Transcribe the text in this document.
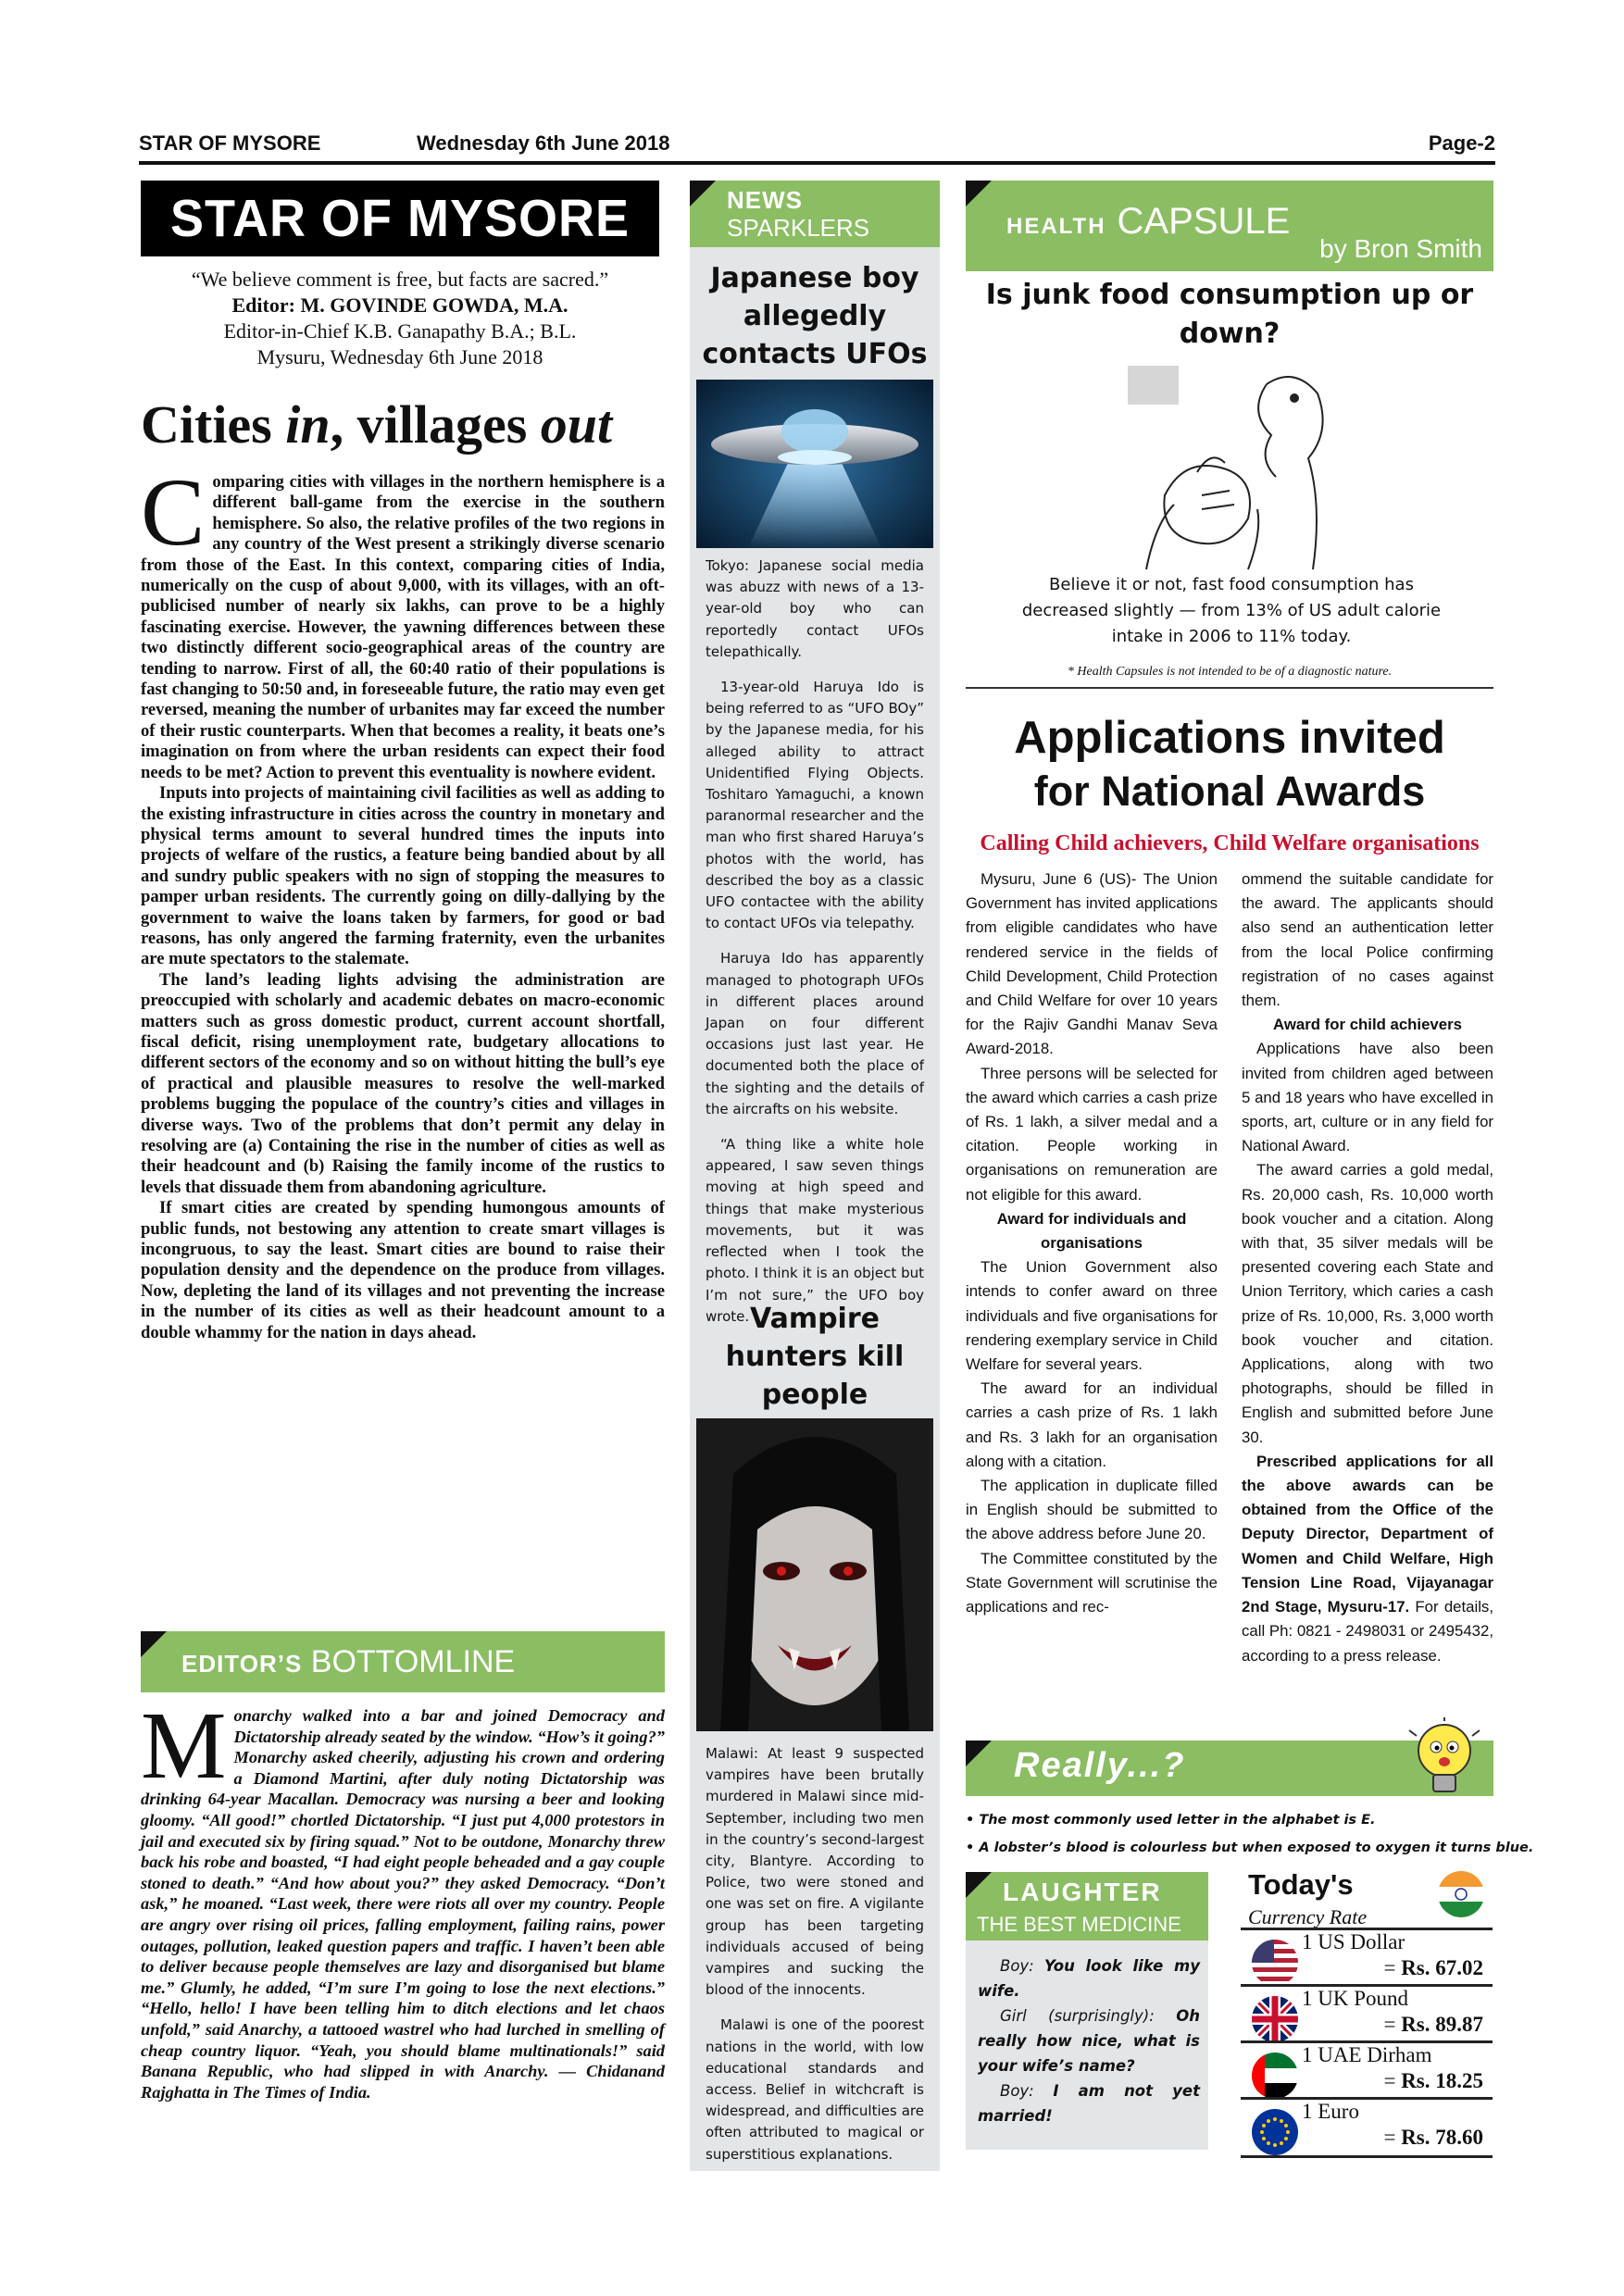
STAR OF MYSORE	Wednesday 6th June 2018	Page-2
STAR OF MYSORE
“We believe comment is free, but facts are sacred.”
Editor: M. GOVINDE GOWDA, M.A.
Editor-in-Chief K.B. Ganapathy B.A.; B.L.
Mysuru, Wednesday 6th June 2018
Cities in, villages out

Comparing cities with villages in the northern hemisphere is a different ball-game from the exercise in the southern hemisphere. So also, the relative profiles of the two regions in any country of the West present a strikingly diverse scenario from those of the East. In this context, comparing cities of India, numerically on the cusp of about 9,000, with its villages, with an oft-publicised number of nearly six lakhs, can prove to be a highly fascinating exercise. However, the yawning differences between these two distinctly different socio-geographical areas of the country are tending to narrow. First of all, the 60:40 ratio of their populations is fast changing to 50:50 and, in foreseeable future, the ratio may even get reversed, meaning the number of urbanites may far exceed the number of their rustic counterparts. When that becomes a reality, it beats one’s imagination on from where the urban residents can expect their food needs to be met? Action to prevent this eventuality is nowhere evident.

Inputs into projects of maintaining civil facilities as well as adding to the existing infrastructure in cities across the country in monetary and physical terms amount to several hundred times the inputs into projects of welfare of the rustics, a feature being bandied about by all and sundry public speakers with no sign of stopping the measures to pamper urban residents. The currently going on dilly-dallying by the government to waive the loans taken by farmers, for good or bad reasons, has only angered the farming fraternity, even the urbanites are mute spectators to the stalemate.

The land’s leading lights advising the administration are preoccupied with scholarly and academic debates on macro-economic matters such as gross domestic product, current account shortfall, fiscal deficit, rising unemployment rate, budgetary allocations to different sectors of the economy and so on without hitting the bull’s eye of practical and plausible measures to resolve the well-marked problems bugging the populace of the country’s cities and villages in diverse ways. Two of the problems that don’t permit any delay in resolving are (a) Containing the rise in the number of cities as well as their headcount and (b) Raising the family income of the rustics to levels that dissuade them from abandoning agriculture.

If smart cities are created by spending humongous amounts of public funds, not bestowing any attention to create smart villages is incongruous, to say the least. Smart cities are bound to raise their population density and the dependence on the produce from villages. Now, depleting the land of its villages and not preventing the increase in the number of its cities as well as their headcount amount to a double whammy for the nation in days ahead.

EDITOR’S BOTTOMLINE

Monarchy walked into a bar and joined Democracy and Dictatorship already seated by the window. “How’s it going?” Monarchy asked cheerily, adjusting his crown and ordering a Diamond Martini, after duly noting Dictatorship was drinking 64-year Macallan. Democracy was nursing a beer and looking gloomy. “All good!” chortled Dictatorship. “I just put 4,000 protestors in jail and executed six by firing squad.” Not to be outdone, Monarchy threw back his robe and boasted, “I had eight people beheaded and a gay couple stoned to death.” “And how about you?” they asked Democracy. “Don’t ask,” he moaned. “Last week, there were riots all over my country. People are angry over rising oil prices, falling employment, failing rains, power outages, pollution, leaked question papers and traffic. I haven’t been able to deliver because people themselves are lazy and disorganised but blame me.” Glumly, he added, “I’m sure I’m going to lose the next elections.” “Hello, hello! I have been telling him to ditch elections and let chaos unfold,” said Anarchy, a tattooed wastrel who had lurched in smelling of cheap country liquor. “Yeah, you should blame multinationals!” said Banana Republic, who had slipped in with Anarchy. — Chidanand Rajghatta in The Times of India.

NEWS
SPARKLERS
Japanese boy allegedly contacts UFOs

Tokyo: Japanese social media was abuzz with news of a 13-year-old boy who can reportedly contact UFOs telepathically.

13-year-old Haruya Ido is being referred to as “UFO BOy” by the Japanese media, for his alleged ability to attract Unidentified Flying Objects. Toshitaro Yamaguchi, a known paranormal researcher and the man who first shared Haruya’s photos with the world, has described the boy as a classic UFO contactee with the ability to contact UFOs via telepathy.

Haruya Ido has apparently managed to photograph UFOs in different places around Japan on four different occasions just last year. He documented both the place of the sighting and the details of the aircrafts on his website.

“A thing like a white hole appeared, I saw seven things moving at high speed and things that make mysterious movements, but it was reflected when I took the photo. I think it is an object but I’m not sure,” the UFO boy wrote. Vampire hunters kill people

Malawi: At least 9 suspected vampires have been brutally murdered in Malawi since mid-September, including two men in the country’s second-largest city, Blantyre. According to Police, two were stoned and one was set on fire. A vigilante group has been targeting individuals accused of being vampires and sucking the blood of the innocents.

Malawi is one of the poorest nations in the world, with low educational standards and access. Belief in witchcraft is widespread, and difficulties are often attributed to magical or superstitious explanations.

HEALTH CAPSULE
by Bron Smith
Is junk food consumption up or down?
Believe it or not, fast food consumption has decreased slightly — from 13% of US adult calorie intake in 2006 to 11% today.
* Health Capsules is not intended to be of a diagnostic nature.
Applications invited
for National Awards
Calling Child achievers, Child Welfare organisations

Mysuru, June 6 (US)- The Union Government has invited applications from eligible candidates who have rendered service in the fields of Child Development, Child Protection and Child Welfare for over 10 years for the Rajiv Gandhi Manav Seva Award-2018.

Three persons will be selected for the award which carries a cash prize of Rs. 1 lakh, a silver medal and a citation. People working in organisations on remuneration are not eligible for this award.

Award for individuals and organisations

The Union Government also intends to confer award on three individuals and five organisations for rendering exemplary service in Child Welfare for several years.

The award for an individual carries a cash prize of Rs. 1 lakh and Rs. 3 lakh for an organisation along with a citation.

The application in duplicate filled in English should be submitted to the above address before June 20.

The Committee constituted by the State Government will scrutinise the applications and rec-

ommend the suitable candidate for the award. The applicants should also send an authentication letter from the local Police confirming registration of no cases against them.

Award for child achievers

Applications have also been invited from children aged between 5 and 18 years who have excelled in sports, art, culture or in any field for National Award.

The award carries a gold medal, Rs. 20,000 cash, Rs. 10,000 worth book voucher and a citation. Along with that, 35 silver medals will be presented covering each State and Union Territory, which caries a cash prize of Rs. 10,000, Rs. 3,000 worth book voucher and citation. Applications, along with two photographs, should be filled in English and submitted before June 30.

Prescribed applications for all the above awards can be obtained from the Office of the Deputy Director, Department of Women and Child Welfare, High Tension Line Road, Vijayanagar 2nd Stage, Mysuru-17. For details, call Ph: 0821 - 2498031 or 2495432, according to a press release.

Really...?
• The most commonly used letter in the alphabet is E.
• A lobster’s blood is colourless but when exposed to oxygen it turns blue.
LAUGHTER
THE BEST MEDICINE

Boy: You look like my wife.

Girl (surprisingly): Oh really how nice, what is your wife’s name?

Boy: I am not yet married!

Today's
Currency Rate
1 US Dollar
= Rs. 67.02
1 UK Pound
= Rs. 89.87
1 UAE Dirham
= Rs. 18.25
1 Euro
= Rs. 78.60
